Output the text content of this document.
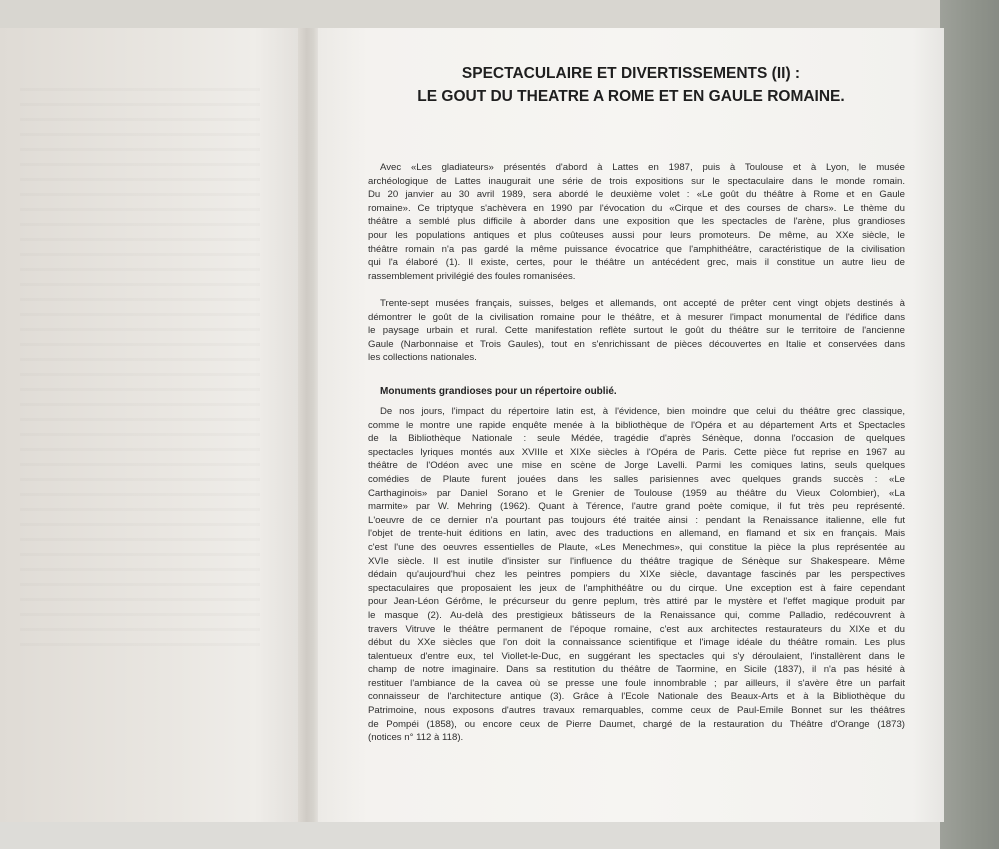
SPECTACULAIRE ET DIVERTISSEMENTS (II) :
LE GOUT DU THEATRE A ROME ET EN GAULE ROMAINE.
Avec «Les gladiateurs» présentés d'abord à Lattes en 1987, puis à Toulouse et à Lyon, le musée
archéologique de Lattes inaugurait une série de trois expositions sur le spectaculaire dans le monde romain.
Du 20 janvier au 30 avril 1989, sera abordé le deuxième volet : «Le goût du théâtre à Rome et en Gaule
romaine». Ce triptyque s'achèvera en 1990 par l'évocation du «Cirque et des courses de chars». Le thème du
théâtre a semblé plus difficile à aborder dans une exposition que les spectacles de l'arène, plus grandioses
pour les populations antiques et plus coûteuses aussi pour leurs promoteurs. De même, au XXe siècle, le
théâtre romain n'a pas gardé la même puissance évocatrice que l'amphithéâtre, caractéristique de la civilisation
qui l'a élaboré (1). Il existe, certes, pour le théâtre un antécédent grec, mais il constitue un autre lieu de
rassemblement privilégié des foules romanisées.
Trente-sept musées français, suisses, belges et allemands, ont accepté de prêter cent vingt objets destinés à
démontrer le goût de la civilisation romaine pour le théâtre, et à mesurer l'impact monumental de l'édifice dans
le paysage urbain et rural. Cette manifestation reflète surtout le goût du théâtre sur le territoire de l'ancienne
Gaule (Narbonnaise et Trois Gaules), tout en s'enrichissant de pièces découvertes en Italie et conservées dans
les collections nationales.
Monuments grandioses pour un répertoire oublié.
De nos jours, l'impact du répertoire latin est, à l'évidence, bien moindre que celui du théâtre grec classique,
comme le montre une rapide enquête menée à la bibliothèque de l'Opéra et au département Arts et Spectacles
de la Bibliothèque Nationale : seule Médée, tragédie d'après Sénèque, donna l'occasion de quelques
spectacles lyriques montés aux XVIIIe et XIXe siècles à l'Opéra de Paris. Cette pièce fut reprise en 1967 au
théâtre de l'Odéon avec une mise en scène de Jorge Lavelli. Parmi les comiques latins, seuls quelques
comédies de Plaute furent jouées dans les salles parisiennes avec quelques grands succès : «Le
Carthaginois» par Daniel Sorano et le Grenier de Toulouse (1959 au théâtre du Vieux Colombier), «La
marmite» par W. Mehring (1962). Quant à Térence, l'autre grand poète comique, il fut très peu représenté.
L'oeuvre de ce dernier n'a pourtant pas toujours été traitée ainsi : pendant la Renaissance italienne, elle fut
l'objet de trente-huit éditions en latin, avec des traductions en allemand, en flamand et six en français. Mais
c'est l'une des oeuvres essentielles de Plaute, «Les Menechmes», qui constitue la pièce la plus représentée au
XVIe siècle. Il est inutile d'insister sur l'influence du théâtre tragique de Sénèque sur Shakespeare. Même
dédain qu'aujourd'hui chez les peintres pompiers du XIXe siècle, davantage fascinés par les perspectives
spectaculaires que proposaient les jeux de l'amphithéâtre ou du cirque. Une exception est à faire cependant
pour Jean-Léon Gérôme, le précurseur du genre peplum, très attiré par le mystère et l'effet magique produit par
le masque (2). Au-delà des prestigieux bâtisseurs de la Renaissance qui, comme Palladio, redécouvrent à
travers Vitruve le théâtre permanent de l'époque romaine, c'est aux architectes restaurateurs du XIXe et du
début du XXe siècles que l'on doit la connaissance scientifique et l'image idéale du théâtre romain. Les plus
talentueux d'entre eux, tel Viollet-le-Duc, en suggérant les spectacles qui s'y déroulaient, l'installèrent dans le
champ de notre imaginaire. Dans sa restitution du théâtre de Taormine, en Sicile (1837), il n'a pas hésité à
restituer l'ambiance de la cavea où se presse une foule innombrable ; par ailleurs, il s'avère être un parfait
connaisseur de l'architecture antique (3). Grâce à l'Ecole Nationale des Beaux-Arts et à la Bibliothèque du
Patrimoine, nous exposons d'autres travaux remarquables, comme ceux de Paul-Emile Bonnet sur les théâtres
de Pompéi (1858), ou encore ceux de Pierre Daumet, chargé de la restauration du Théâtre d'Orange (1873)
(notices n° 112 à 118).
